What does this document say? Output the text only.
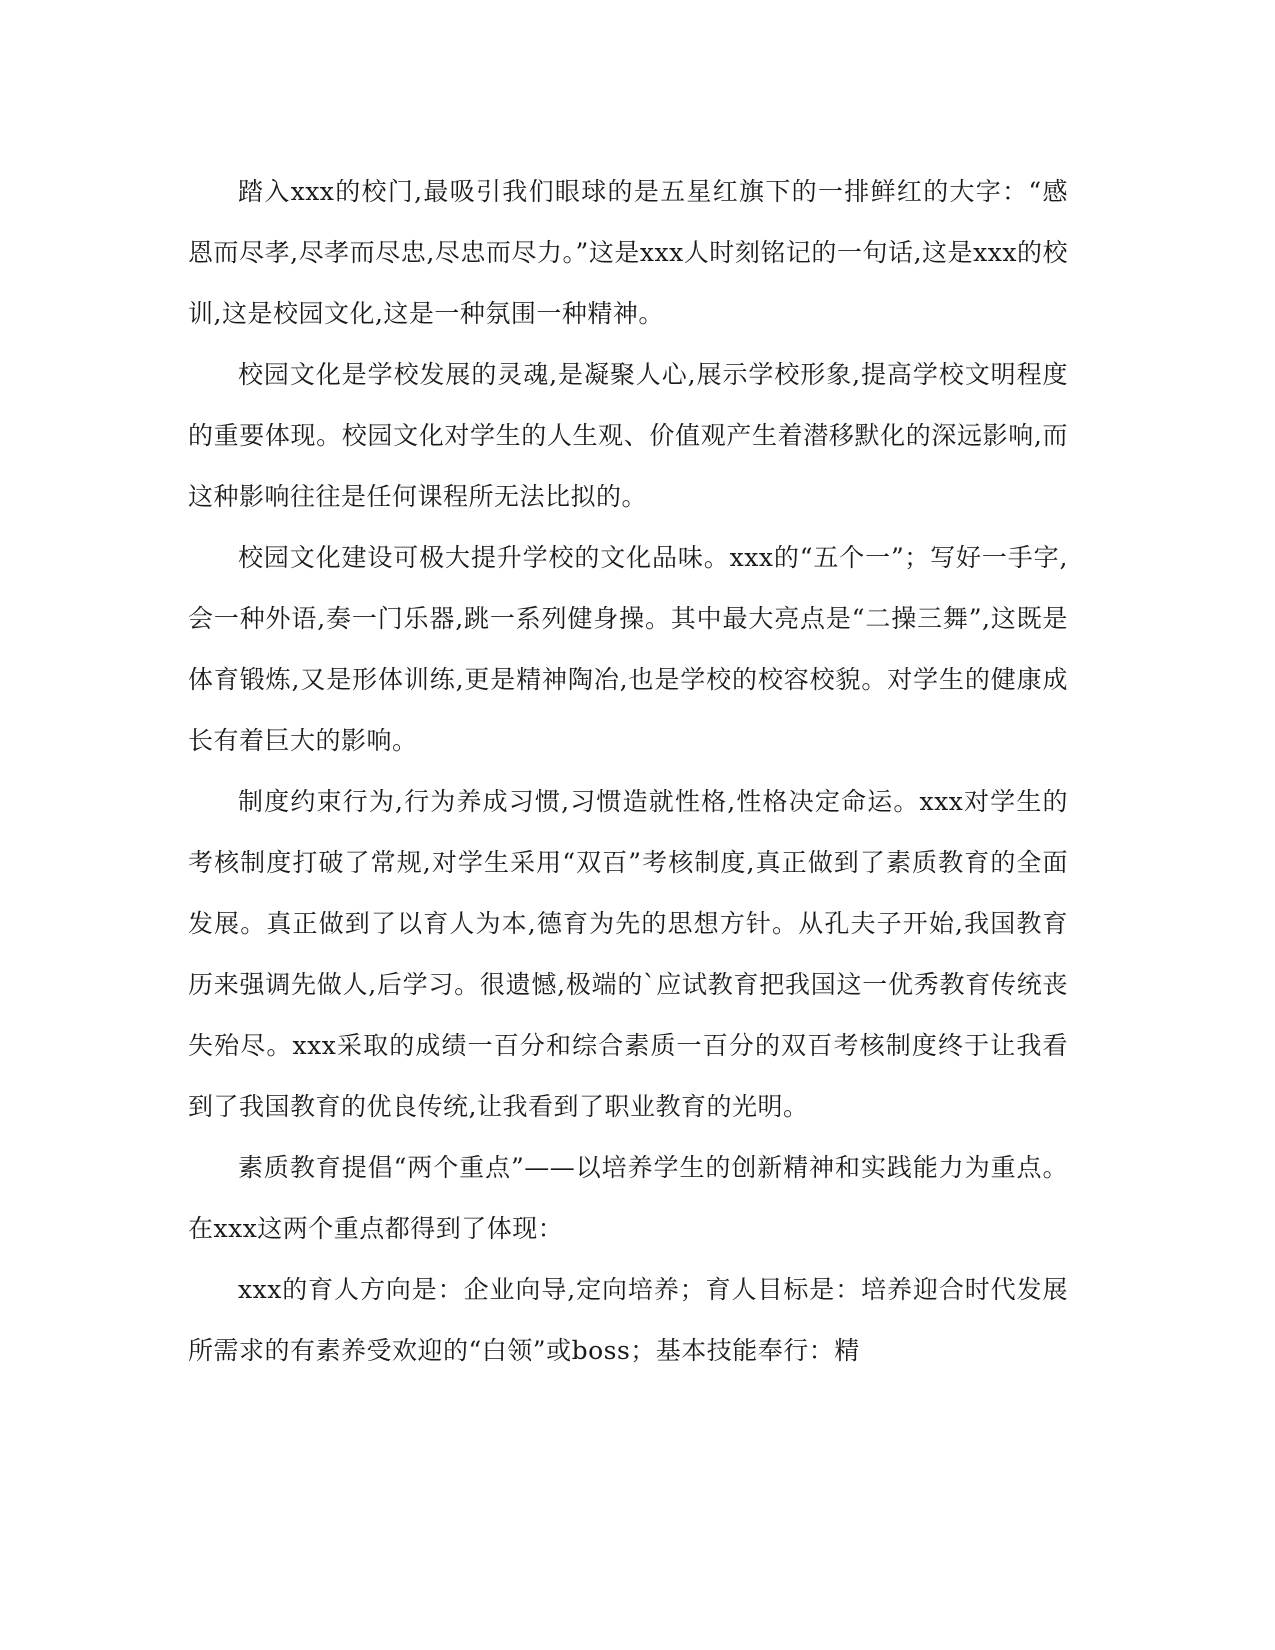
踏入xxx的校门,最吸引我们眼球的是五星红旗下的一排鲜红的大字：“感恩而尽孝,尽孝而尽忠,尽忠而尽力。”这是xxx人时刻铭记的一句话,这是xxx的校训,这是校园文化,这是一种氛围一种精神。

校园文化是学校发展的灵魂,是凝聚人心,展示学校形象,提高学校文明程度的重要体现。校园文化对学生的人生观、价值观产生着潜移默化的深远影响,而这种影响往往是任何课程所无法比拟的。

校园文化建设可极大提升学校的文化品味。xxx的“五个一”；写好一手字,会一种外语,奏一门乐器,跳一系列健身操。其中最大亮点是“二操三舞”,这既是体育锻炼,又是形体训练,更是精神陶冶,也是学校的校容校貌。对学生的健康成长有着巨大的影响。

制度约束行为,行为养成习惯,习惯造就性格,性格决定命运。xxx对学生的考核制度打破了常规,对学生采用“双百”考核制度,真正做到了素质教育的全面发展。真正做到了以育人为本,德育为先的思想方针。从孔夫子开始,我国教育历来强调先做人,后学习。很遗憾,极端的`应试教育把我国这一优秀教育传统丧失殆尽。xxx采取的成绩一百分和综合素质一百分的双百考核制度终于让我看到了我国教育的优良传统,让我看到了职业教育的光明。

素质教育提倡“两个重点”——以培养学生的创新精神和实践能力为重点。在xxx这两个重点都得到了体现：

xxx的育人方向是：企业向导,定向培养；育人目标是：培养迎合时代发展所需求的有素养受欢迎的“白领”或boss；基本技能奉行：精
